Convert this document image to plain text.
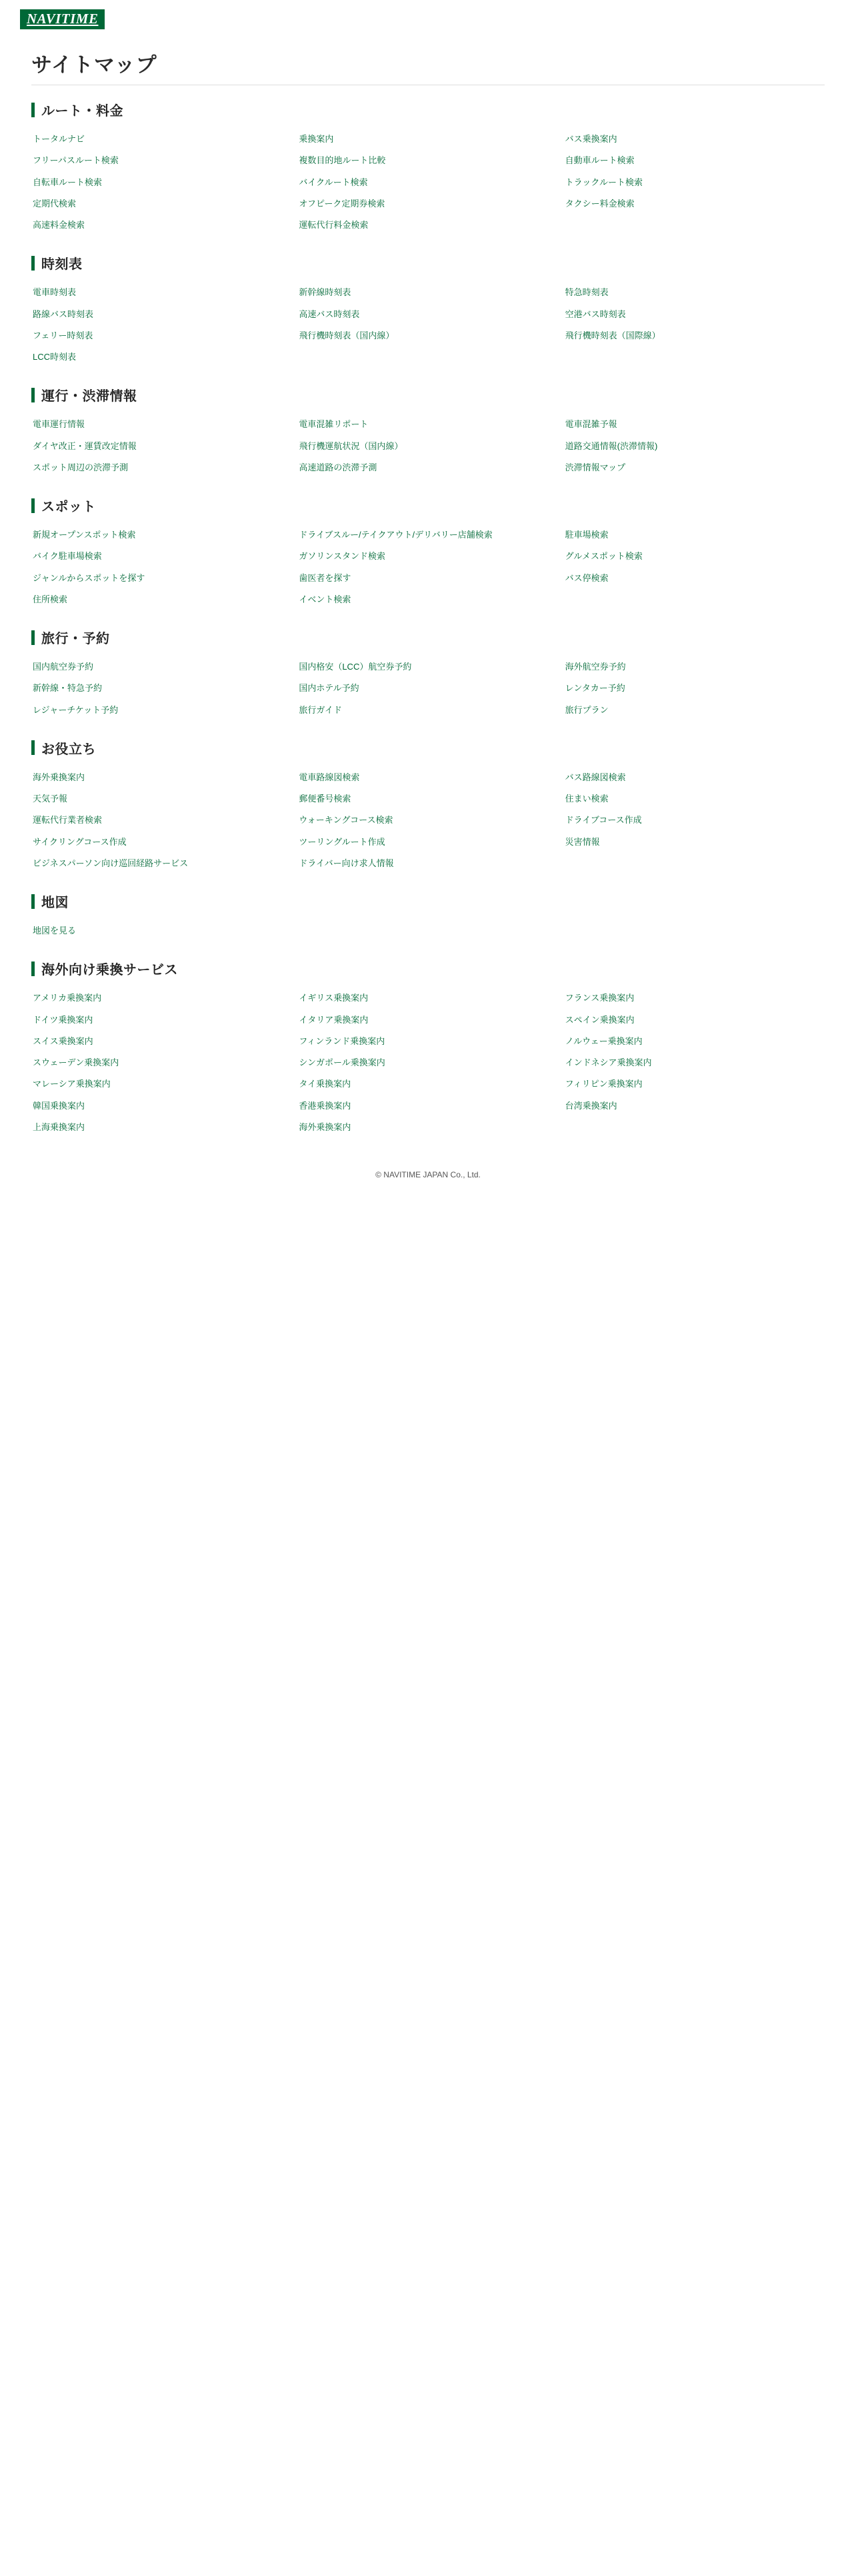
NAVITIME
サイトマップ
ルート・料金
トータルナビ	乗換案内	バス乗換案内
フリーパスルート検索	複数目的地ルート比較	自動車ルート検索
自転車ルート検索	バイクルート検索	トラックルート検索
定期代検索	オフピーク定期券検索	タクシー料金検索
高速料金検索	運転代行料金検索
時刻表
電車時刻表	新幹線時刻表	特急時刻表
路線バス時刻表	高速バス時刻表	空港バス時刻表
フェリー時刻表	飛行機時刻表（国内線）	飛行機時刻表（国際線）
LCC時刻表
運行・渋滞情報
電車運行情報	電車混雑リポート	電車混雑予報
ダイヤ改正・運賃改定情報	飛行機運航状況（国内線）	道路交通情報(渋滞情報)
スポット周辺の渋滞予測	高速道路の渋滞予測	渋滞情報マップ
スポット
新規オープンスポット検索	ドライブスルー/テイクアウト/デリバリー店舗検索	駐車場検索
バイク駐車場検索	ガソリンスタンド検索	グルメスポット検索
ジャンルからスポットを探す	歯医者を探す	バス停検索
住所検索	イベント検索
旅行・予約
国内航空券予約	国内格安（LCC）航空券予約	海外航空券予約
新幹線・特急予約	国内ホテル予約	レンタカー予約
レジャーチケット予約	旅行ガイド	旅行プラン
お役立ち
海外乗換案内	電車路線図検索	バス路線図検索
天気予報	郵便番号検索	住まい検索
運転代行業者検索	ウォーキングコース検索	ドライブコース作成
サイクリングコース作成	ツーリングルート作成	災害情報
ビジネスパーソン向け巡回経路サービス	ドライバー向け求人情報
地図
地図を見る
海外向け乗換サービス
アメリカ乗換案内	イギリス乗換案内	フランス乗換案内
ドイツ乗換案内	イタリア乗換案内	スペイン乗換案内
スイス乗換案内	フィンランド乗換案内	ノルウェー乗換案内
スウェーデン乗換案内	シンガポール乗換案内	インドネシア乗換案内
マレーシア乗換案内	タイ乗換案内	フィリピン乗換案内
韓国乗換案内	香港乗換案内	台湾乗換案内
上海乗換案内	海外乗換案内
© NAVITIME JAPAN Co., Ltd.
